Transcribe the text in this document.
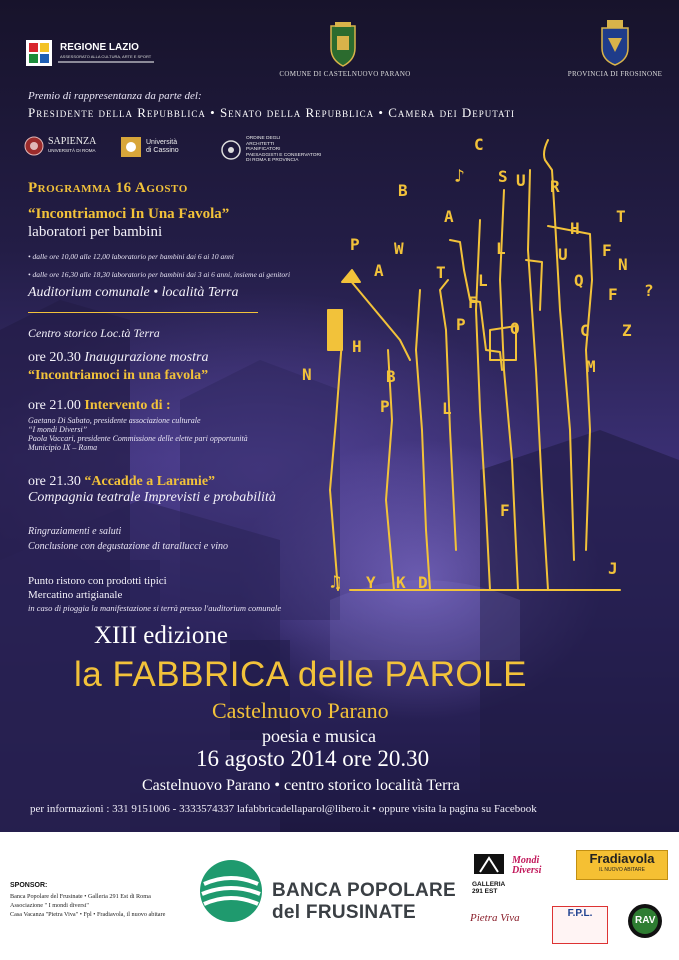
REGIONE LAZIO
ASSESSORATO ALLA CULTURA, ARTE E SPORT
COMUNE DI CASTELNUOVO PARANO	PROVINCIA DI FROSINONE
Premio di rappresentanza da parte del:
Presidente della Repubblica • Senato della Repubblica • Camera dei Deputati
SAPIENZA
UNIVERSITÀ DI ROMA
Università
di Cassino
ORDINE DEGLI
ARCHITETTI
PIANIFICATORI
PAESAGGISTI E CONSERVATORI
DI ROMA E PROVINCIA
Programma 16 Agosto
“Incontriamoci In Una Favola”
laboratori per bambini
• dalle ore 10,00 alle 12,00 laboratorio per bambini dai 6 ai 10 anni
• dalle ore 16,30 alle 18,30 laboratorio per bambini dai 3 ai 6 anni, insieme ai genitori
Auditorium comunale • località Terra
Centro storico Loc.tà Terra
ore 20.30 Inaugurazione mostra
“Incontriamoci in una favola”
ore 21.00 Intervento di :
Gaetano Di Sabato, presidente associazione culturale
“I mondi Diversi”
Paola Vaccari, presidente Commissione delle elette pari opportunità
Municipio IX – Roma
ore 21.30 “Accadde a Laramie”
Compagnia teatrale Imprevisti e probabilità
Ringraziamenti e saluti
Conclusione con degustazione di tarallucci e vino
Punto ristoro con prodotti tipici
Mercatino artigianale
in caso di pioggia la manifestazione si terrà presso l'auditorium comunale
C
B
A
S U R
H
T
P W	L	F
U
N
Q
F ?
A	T
F
P
L
O	C Z
H
M
N	B
P	L
F
Y K D
J
♪
♫
XIII edizione
la FABBRICA delle PAROLE
Castelnuovo Parano
poesia e musica
16 agosto 2014 ore 20.30
Castelnuovo Parano • centro storico località Terra
per informazioni : 331 9151006 - 3333574337 lafabbricadellaparol@libero.it • oppure visita la pagina su Facebook
SPONSOR:
Banca Popolare del Frusinate • Galleria 291 Est di Roma
Associazione " I mondi diversi"
Casa Vacanza "Pietra Viva" • Fpl • Fradiavola, il nuovo abitare
BANCA POPOLARE
del FRUSINATE
GALLERIA
291 EST
Mondi Diversi
Fradiavola
IL NUOVO ABITARE
Pietra Viva	F.P.L.
RAV
